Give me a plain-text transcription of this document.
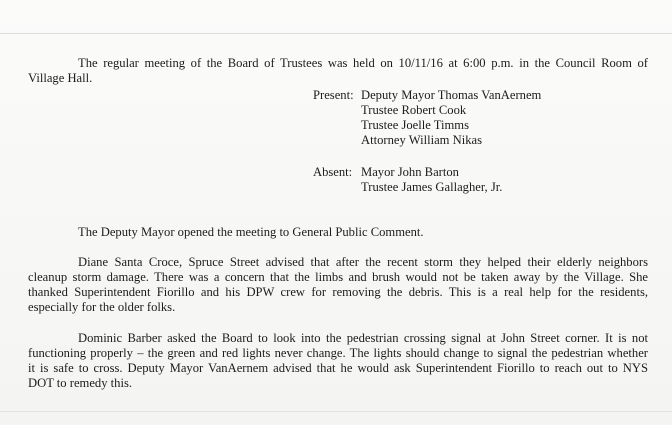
The regular meeting of the Board of Trustees was held on 10/11/16 at 6:00 p.m. in the Council Room of
Village Hall.
Present: Deputy Mayor Thomas VanAernem
Trustee Robert Cook
Trustee Joelle Timms
Attorney William Nikas
Absent: Mayor John Barton
Trustee James Gallagher, Jr.
The Deputy Mayor opened the meeting to General Public Comment.
Diane Santa Croce, Spruce Street advised that after the recent storm they helped their elderly neighbors
cleanup storm damage. There was a concern that the limbs and brush would not be taken away by the Village. She
thanked Superintendent Fiorillo and his DPW crew for removing the debris. This is a real help for the residents,
especially for the older folks.
Dominic Barber asked the Board to look into the pedestrian crossing signal at John Street corner. It is not
functioning properly – the green and red lights never change. The lights should change to signal the pedestrian whether
it is safe to cross. Deputy Mayor VanAernem advised that he would ask Superintendent Fiorillo to reach out to NYS
DOT to remedy this.
